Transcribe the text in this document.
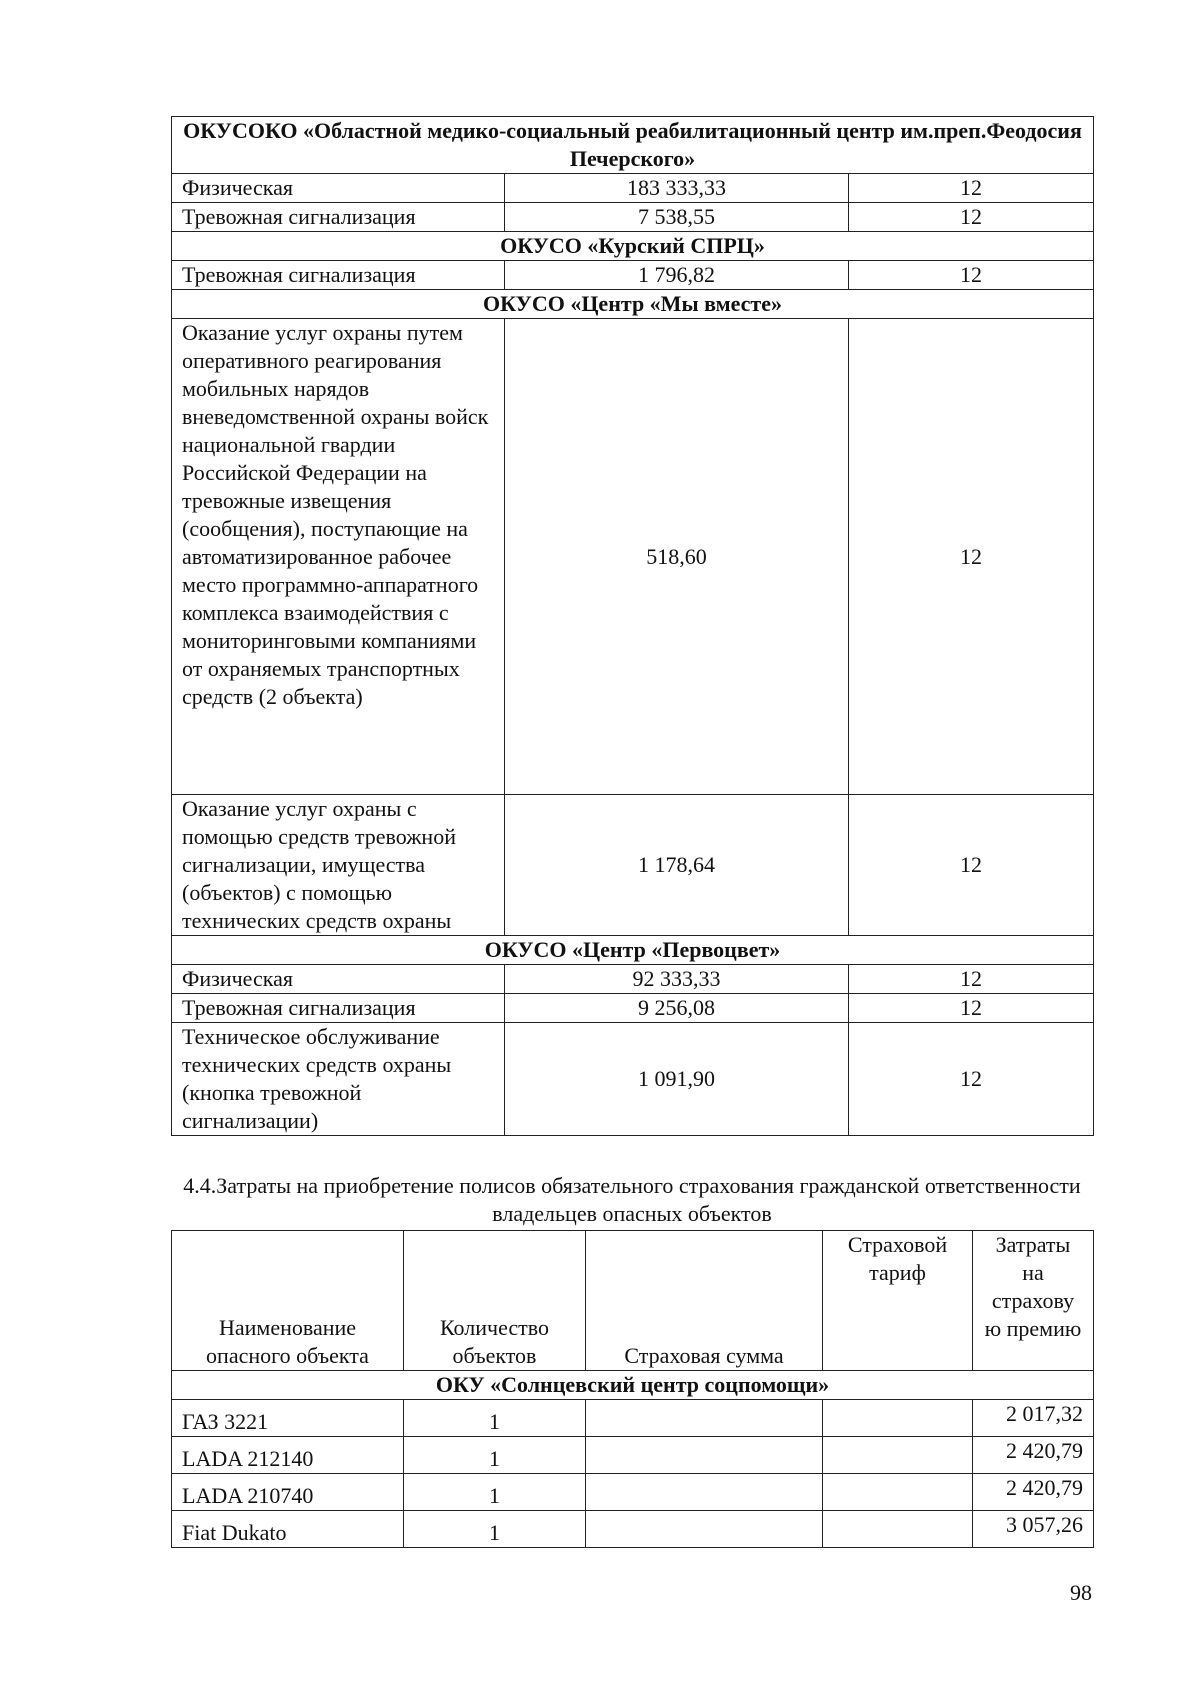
ОКУСОКО «Областной медико-социальный реабилитационный центр им.преп.Феодосия Печерского»		
Физическая	183 333,33	12
Тревожная сигнализация	7 538,55	12
ОКУСО «Курский СПРЦ»		
Тревожная сигнализация	1 796,82	12
ОКУСО «Центр «Мы вместе»		
Оказание услуг охраны путем оперативного реагирования мобильных нарядов вневедомственной охраны войск национальной гвардии Российской Федерации на тревожные извещения (сообщения), поступающие на автоматизированное рабочее место программно-аппаратного комплекса взаимодействия с мониторинговыми компаниями от охраняемых транспортных средств (2 объекта)	518,60	12
Оказание услуг охраны с помощью средств тревожной сигнализации, имущества (объектов) с помощью технических средств охраны	1 178,64	12
ОКУСО «Центр «Первоцвет»		
Физическая	92 333,33	12
Тревожная сигнализация	9 256,08	12
Техническое обслуживание технических средств охраны (кнопка тревожной сигнализации)	1 091,90	12
4.4.Затраты на приобретение полисов обязательного страхования гражданской ответственности владельцев опасных объектов
Наименование опасного объекта	Количество объектов	Страховая сумма	Страховой тариф	Затраты на страхову ю премию
ОКУ «Солнцевский центр соцпомощи»				
ГАЗ 3221	1			2 017,32
LADA 212140	1			2 420,79
LADA 210740	1			2 420,79
Fiat Dukato	1			3 057,26
98
